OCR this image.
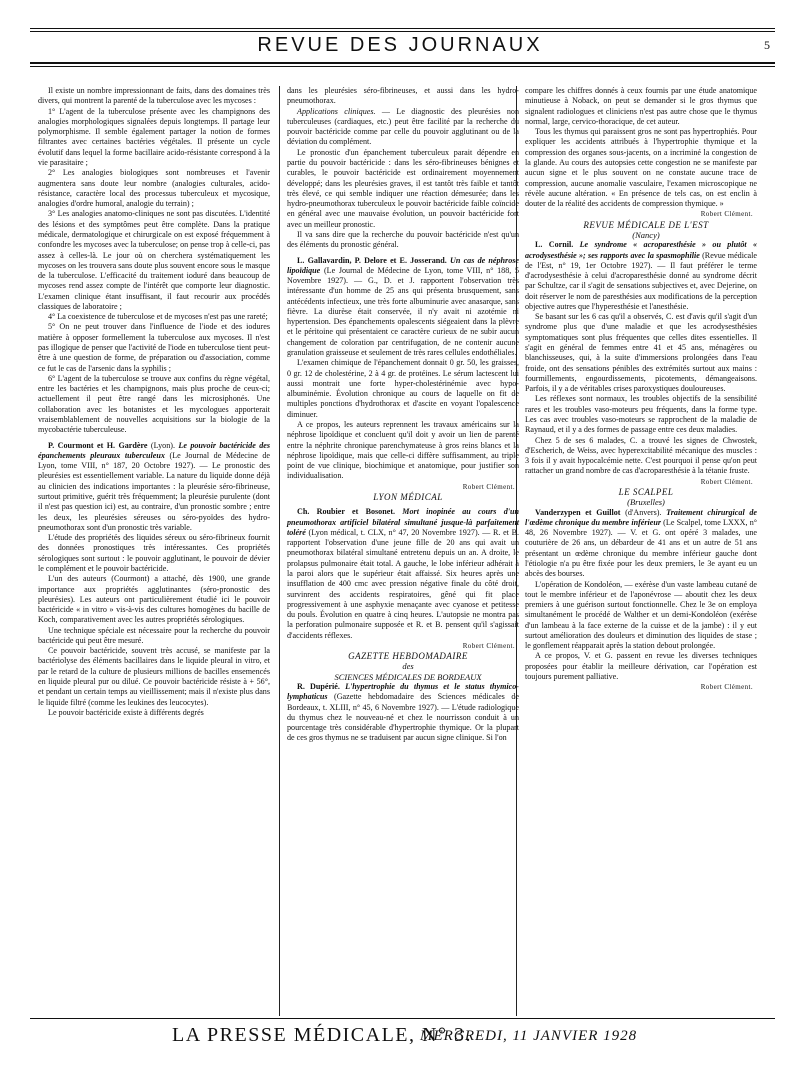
REVUE DES JOURNAUX	5

Il existe un nombre impressionnant de faits, dans des domaines très divers, qui montrent la parenté de la tuberculose avec les mycoses :

1° L'agent de la tuberculose présente avec les champignons des analogies morphologiques signalées depuis longtemps. Il partage leur polymorphisme. Il semble également partager la notion de formes filtrantes avec certaines bactéries végétales. Il présente un cycle évolutif dans lequel la forme bacillaire acido-résistante correspond à la vie parasitaire ;

2° Les analogies biologiques sont nombreuses et l'avenir augmentera sans doute leur nombre (analogies culturales, acido-résistance, caractère local des processus tuberculeux et mycosique, analogies d'ordre humoral, analogie du terrain) ;

3° Les analogies anatomo-cliniques ne sont pas discutées. L'identité des lésions et des symptômes peut être complète. Dans la pratique médicale, dermatologique et chirurgicale on est exposé fréquemment à confondre les mycoses avec la tuberculose; on pense trop à celle-ci, pas assez à celles-là. Le jour où on cherchera systématiquement les mycoses on les trouvera sans doute plus souvent encore sous le masque de la tuberculose. L'efficacité du traitement ioduré dans beaucoup de mycoses rend assez compte de l'intérêt que comporte leur diagnostic. L'examen clinique étant insuffisant, il faut recourir aux procédés classiques de laboratoire ;

4° La coexistence de tuberculose et de mycoses n'est pas une rareté;

5° On ne peut trouver dans l'influence de l'iode et des iodures matière à opposer formellement la tuberculose aux mycoses. Il n'est pas illogique de penser que l'activité de l'iode en tuberculose tient peut-être à une question de forme, de préparation ou d'association, comme ce fut le cas de l'arsenic dans la syphilis ;

6° L'agent de la tuberculose se trouve aux confins du règne végétal, entre les bactéries et les champignons, mais plus proche de ceux-ci; actuellement il peut être rangé dans les microsiphonés. Une collaboration avec les botanistes et les mycologues apporterait vraisemblablement de nouvelles acquisitions sur la biologie de la mycobactérie tuberculeuse.

P. Courmont et H. Gardère (Lyon). Le pouvoir bactéricide des épanchements pleuraux tuberculeux (Le Journal de Médecine de Lyon, tome VIII, n° 187, 20 Octobre 1927). — Le pronostic des pleurésies est essentiellement variable. La nature du liquide donne déjà au clinicien des indications importantes : la pleurésie séro-fibrineuse, surtout primitive, guérit très fréquemment; la pleurésie purulente (dont il n'est pas question ici) est, au contraire, d'un pronostic sombre ; entre les deux, les pleurésies séreuses ou séro-pyoïdes des hydro-pneumothorax sont d'un pronostic très variable.

L'étude des propriétés des liquides séreux ou séro-fibrineux fournit des données pronostiques très intéressantes. Ces propriétés sérologiques sont surtout : le pouvoir agglutinant, le pouvoir de dévier le complément et le pouvoir bactéricide.

L'un des auteurs (Courmont) a attaché, dès 1900, une grande importance aux propriétés agglutinantes (séro-pronostic des pleurésies). Les auteurs ont particulièrement étudié ici le pouvoir bactéricide « in vitro » vis-à-vis des cultures homogènes du bacille de Koch, comparativement avec les autres propriétés sérologiques.

Une technique spéciale est nécessaire pour la recherche du pouvoir bactéricide qui peut être mesuré.

Ce pouvoir bactéricide, souvent très accusé, se manifeste par la bactériolyse des éléments bacillaires dans le liquide pleural in vitro, et par le retard de la culture de plusieurs millions de bacilles ensemencés en liquide pleural pur ou dilué. Ce pouvoir bactéricide résiste à + 56°, et pendant un certain temps au vieillissement; mais il n'existe plus dans le liquide filtré (comme les leukines des leucocytes).

Le pouvoir bactéricide existe à différents degrés

dans les pleurésies séro-fibrineuses, et aussi dans les hydro-pneumothorax.

Applications cliniques. — Le diagnostic des pleurésies non tuberculeuses (cardiaques, etc.) peut être facilité par la recherche du pouvoir bactéricide comme par celle du pouvoir agglutinant ou de la déviation du complément.

Le pronostic d'un épanchement tuberculeux parait dépendre en partie du pouvoir bactéricide : dans les séro-fibrineuses bénignes et curables, le pouvoir bactéricide est ordinairement moyennement développé; dans les pleurésies graves, il est tantôt très faible et tantôt très élevé, ce qui semble indiquer une réaction démesurée; dans les hydro-pneumothorax tuberculeux le pouvoir bactéricide faible coïncide en général avec une mauvaise évolution, un pouvoir bactéricide fort avec un meilleur pronostic.

Il va sans dire que la recherche du pouvoir bactéricide n'est qu'un des éléments du pronostic général.

L. Gallavardin, P. Delore et E. Josserand. Un cas de néphrose lipoïdique (Le Journal de Médecine de Lyon, tome VIII, n° 188, 5 Novembre 1927). — G., D. et J. rapportent l'observation très intéressante d'un homme de 25 ans qui présenta brusquement, sans antécédents infectieux, une très forte albuminurie avec anasarque, sans fièvre. La diurèse était conservée, il n'y avait ni azotémie ni hypertension. Des épanchements opalescents siégeaient dans la plèvre et le péritoine qui présentaient ce caractère curieux de ne subir aucun changement de coloration par centrifugation, de ne contenir aucune granulation graisseuse et seulement de très rares cellules endothéliales.

L'examen chimique de l'épanchement donnait 0 gr. 50, les graisses, 0 gr. 12 de cholestérine, 2 à 4 gr. de protéines. Le sérum lactescent lui aussi montrait une forte hyper-cholestérinémie avec hypo-albuminémie. Évolution chronique au cours de laquelle on fit de multiples ponctions d'hydrothorax et d'ascite en voyant l'opalescence diminuer.

A ce propos, les auteurs reprennent les travaux américains sur la néphrose lipoïdique et concluent qu'il doit y avoir un lien de parenté entre la néphrite chronique parenchymateuse à gros reins blancs et la néphrose lipoïdique, mais que celle-ci diffère suffisamment, au triple point de vue clinique, biochimique et anatomique, pour justifier son individualisation.

Robert Clément.

LYON MÉDICAL

Ch. Roubier et Bosonet. Mort inopinée au cours d'un pneumothorax artificiel bilatéral simultané jusque-là parfaitement toléré (Lyon médical, t. CLX, n° 47, 20 Novembre 1927). — R. et B. rapportent l'observation d'une jeune fille de 20 ans qui avait un pneumothorax bilatéral simultané entretenu depuis un an. A droite, le prolapsus pulmonaire était total. A gauche, le lobe inférieur adhérait à la paroi alors que le supérieur était affaissé. Six heures après une insufflation de 400 cmc avec pression négative finale du côté droit, survinrent des accidents respiratoires, gêné qui fit place progressivement à une asphyxie menaçante avec cyanose et petitesse du pouls. Évolution en quatre à cinq heures. L'autopsie ne montra pas la perforation pulmonaire supposée et R. et B. pensent qu'il s'agissait d'accidents réflexes.

Robert Clément.

GAZETTE HEBDOMADAIRE

des

SCIENCES MÉDICALES DE BORDEAUX

R. Dupérié. L'hypertrophie du thymus et le status thymico-lymphaticus (Gazette hebdomadaire des Sciences médicales de Bordeaux, t. XLIII, n° 45, 6 Novembre 1927). — L'étude radiologique du thymus chez le nouveau-né et chez le nourrisson conduit à un pourcentage très considérable d'hypertrophie thymique. Or la plupart de ces gros thymus ne se traduisent par aucun signe clinique. Si l'on

compare les chiffres donnés à ceux fournis par une étude anatomique minutieuse à Noback, on peut se demander si le gros thymus que signalent radiologues et cliniciens n'est pas autre chose que le thymus normal, large, cervico-thoracique, de cet auteur.

Tous les thymus qui paraissent gros ne sont pas hypertrophiés. Pour expliquer les accidents attribués à l'hypertrophie thymique et la compression des organes sous-jacents, on a incriminé la congestion de la glande. Au cours des autopsies cette congestion ne se manifeste par aucun signe et le plus souvent on ne constate aucune trace de compression, aucune anomalie vasculaire, l'examen microscopique ne révèle aucune altération. « En présence de tels cas, on est enclin à douter de la réalité des accidents de compression thymique. »

Robert Clément.

REVUE MÉDICALE DE L'EST

(Nancy)

L. Cornil. Le syndrome « acroparesthésie » ou plutôt « acrodysesthésie »; ses rapports avec la spasmophilie (Revue médicale de l'Est, n° 19, 1er Octobre 1927). — Il faut préférer le terme d'acrodysesthésie à celui d'acroparesthésie donné au syndrome décrit par Schultze, car il s'agit de sensations subjectives et, avec Dejerine, on doit réserver le nom de paresthésies aux modifications de la perception objective autres que l'hyperesthésie et l'anesthésie.

Se basant sur les 6 cas qu'il a observés, C. est d'avis qu'il s'agit d'un syndrome plus que d'une maladie et que les acrodysesthésies symptomatiques sont plus fréquentes que celles dites essentielles. Il s'agit en général de femmes entre 41 et 45 ans, ménagères ou blanchisseuses, qui, à la suite d'immersions prolongées dans l'eau froide, ont des sensations pénibles des extrémités surtout aux mains : fourmillements, engourdissements, picotements, démangeaisons. Parfois, il y a de véritables crises paroxystiques douloureuses.

Les réflexes sont normaux, les troubles objectifs de la sensibilité rares et les troubles vaso-moteurs peu fréquents, dans la forme type. Les cas avec troubles vaso-moteurs se rapprochent de la maladie de Raynaud, et il y a des formes de passage entre ces deux maladies.

Chez 5 de ses 6 malades, C. a trouvé les signes de Chwostek, d'Escherich, de Weiss, avec hyperexcitabilité mécanique des muscles : 3 fois il y avait hypocalcémie nette. C'est pourquoi il pense qu'on peut rattacher un grand nombre de cas d'acroparesthésie à la tétanie fruste.

Robert Clément.

LE SCALPEL

(Bruxelles)

Vanderzypen et Guillot (d'Anvers). Traitement chirurgical de l'œdème chronique du membre inférieur (Le Scalpel, tome LXXX, n° 48, 26 Novembre 1927). — V. et G. ont opéré 3 malades, une couturière de 26 ans, un débardeur de 41 ans et un autre de 51 ans présentant un œdème chronique du membre inférieur gauche dont l'étiologie n'a pu être fixée pour les deux premiers, le 3e ayant eu un abcès des bourses.

L'opération de Kondoléon, — exérèse d'un vaste lambeau cutané de tout le membre inférieur et de l'aponévrose — aboutit chez les deux premiers à une guérison surtout fonctionnelle. Chez le 3e on employa simultanément le procédé de Walther et un demi-Kondoléon (exérèse d'un lambeau à la face externe de la cuisse et de la jambe) : il y eut surtout amélioration des douleurs et diminution des liquides de stase ; le gonflement réapparait après la station debout prolongée.

A ce propos, V. et G. passent en revue les diverses techniques proposées pour établir la meilleure dérivation, car l'opération est toujours purement palliative.

Robert Clément.

LA PRESSE MÉDICALE, N° 3.
MERCREDI, 11 JANVIER 1928
